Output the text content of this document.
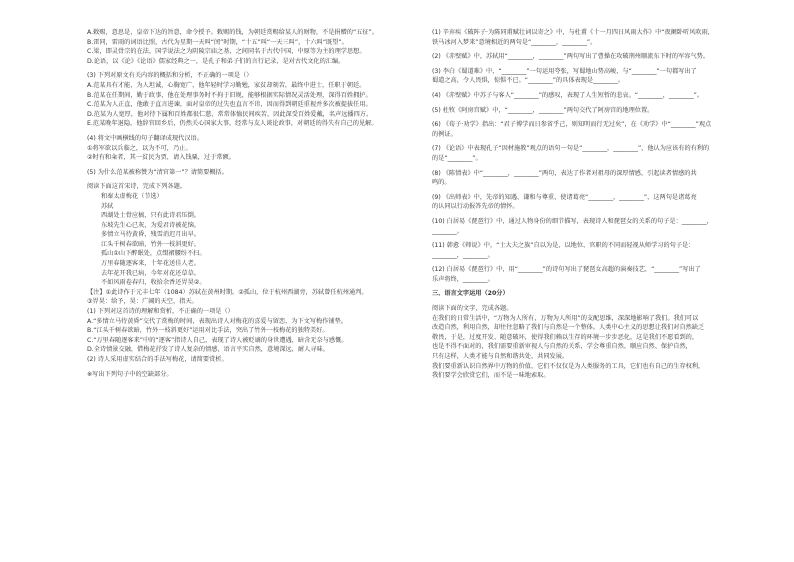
A.敕赐，意思是，皇帝下达的旨意，命令授予。敕赐的钱，为朝廷赏赐给某人的财物，不是捐赠的“五征”。
B.雷同，雷雨的词语比照，古代为星期一天叫“闰”时期，“十五”叫“一天三叫”，十六叫“既望”。
C.梁，即灵骨宗的在法，国学说法之为阴陵宗庙之基，之间同名于古代中国，中原等为主的理学思想。
D.论语，以《论》《论语》儒家经典之一，是孔子和弟子们的言行记录，是对古代文化的汇编。
(3) 下列对原文有关内容的概括和分析，不正确的一项是（）
A.范某具有才能，为人坦诚，心胸宽广，他年轻时学习勤勉，家贫却刻苦，最终中进士，任职于朝廷。
B.范某在任期间，勤于政事，他在处理事务时不拘于旧规，能够根据实际情况灵活处理，深得百姓拥护。
C.范某为人正直，他敢于直言进谏，面对皇帝的过失也直言不讳，因而得到朝廷重视并多次被提拔任用。
D.范某为人宽厚，他对待下属和百姓都很仁慈，常常体恤民间疾苦，因此深受百姓爱戴，名声远播四方。
E.范某晚年退隐，他辞官回乡后，仍然关心国家大事，经常与友人谈论政事，对朝廷的得失有自己的见解。
(4) 将文中画横线的句子翻译成现代汉语。
①将军欲以兵临之，以为不可，乃止。
②时有和籴者，其一贫民为贾，请入钱粟，过于常额。
(5) 为什么范某被称赞为“清官第一”？请简要概括。
阅读下面这首宋诗，完成下列各题。
和秦太虚梅花（节选）
苏轼
西湖处士骨应槁，只有此诗君压倒。
东坡先生心已灰，为爱君诗被花恼。
多情立马待黄昏，残雪消迟月出早。
江头千树春欲暗，竹外一枝斜更好。
孤山①山下醉眠处，点缀裙腰纷不扫。
万里春随逐客来，十年花送佳人老。
去年花开我已病，今年对花还草草。
不如风雨卷春归，收拾余香还畀昊②。
【注】①此诗作于元丰七年（1084）苏轼在黄州时期。②孤山，位于杭州西湖旁，苏轼曾任杭州通判。
③畀昊：给予，昊：广阔的天空，指天。
(1) 下列对这首诗的理解和赏析，不正确的一项是（）
A.“多情立马待黄昏”交代了赏梅的时间，表现出诗人对梅花的喜爱与留恋，为下文写梅作铺垫。
B.“江头千树春欲暗，竹外一枝斜更好”运用对比手法，突出了竹外一枝梅花的独特美好。
C.“万里春随逐客来”中的“逐客”指诗人自己，表现了诗人被贬谪的身世遭遇，暗含无奈与感慨。
D.全诗情景交融，借梅花抒发了诗人复杂的情感，语言平实自然，意境深远，耐人寻味。
(2) 诗人采用虚实结合的手法写梅花，请简要赏析。
※写出下列句子中的空缺部分。
(1) 辛弃疾《破阵子·为陈同甫赋壮词以寄之》中，与杜甫《十一月四日风雨大作》中“夜阑卧听风吹雨，
铁马冰河入梦来”意境相近的两句是“________，________”。
(2) 《赤壁赋》中，苏轼用“________，________”两句写出了曹操在攻破荆州顺流东下时的军容气势。
(3) 李白《蜀道难》中，“________”一句运用夸张，写蜀地山势高峻，与“________”一句都写出了
蜀道之高，令人畏惧，惊惧不已。“________”的具体表现是________。
(4) 《赤壁赋》中苏子与客人“________”的感叹，表现了人生短暂的悲哀。“________，________”。
(5) 杜牧《阿房宫赋》中，“________，________”两句交代了阿房宫的地理位置。
(6) 《荀子·劝学》指出：“君子博学而日参省乎己，则知明而行无过矣”，在《劝学》中“________”观点
的例证。
(7) 《论语》中表现孔子“因材施教”观点的语句一句是“________，________”，他认为应该有的有利的
的是“________”。
(8) 《陈情表》中“________，________”两句，表达了作者对祖母的深厚情感，引起读者情感的共
鸣的。
(9) 《出师表》中，先帝的知遇、谦和与尊重，使诸葛亮“________，________”，这两句是诸葛亮
的认同以行动报答先帝的情怀。
(10) 白居易《琵琶行》中，通过人物身份的细节描写，表现诗人和琵琶女的关系的句子是：________，
________。
(11) 韩愈《师说》中，“士大夫之族”自以为是，以地位、官职的不同而轻视从师学习的句子是：
________，________。
(12) 白居易《琵琶行》中，用“________”的诗句写出了琵琶女高超的演奏技艺，“________”写出了
乐声将终，________。
三、语言文字运用（20分）
阅读下面的文字，完成各题。
在我们的日常生活中，“万物为人所有，万物为人所用”的支配思维，深深地影响了我们。我们可以
改造自然，利用自然，却往往忽略了我们与自然是一个整体。人类中心主义的思想让我们对自然缺乏
敬畏，于是，过度开发、随意破坏，使得我们赖以生存的环境一步步恶化，这是我们不愿看到的，
也是不得不面对的，我们需要重新审视人与自然的关系，学会尊重自然、顺应自然、保护自然，
只有这样，人类才能与自然和谐共处，共同发展。
我们要重新认识自然界中万物的价值，它们不仅仅是为人类服务的工具，它们也有自己的生存权利，
我们要学会欣赏它们，而不是一味地索取。
